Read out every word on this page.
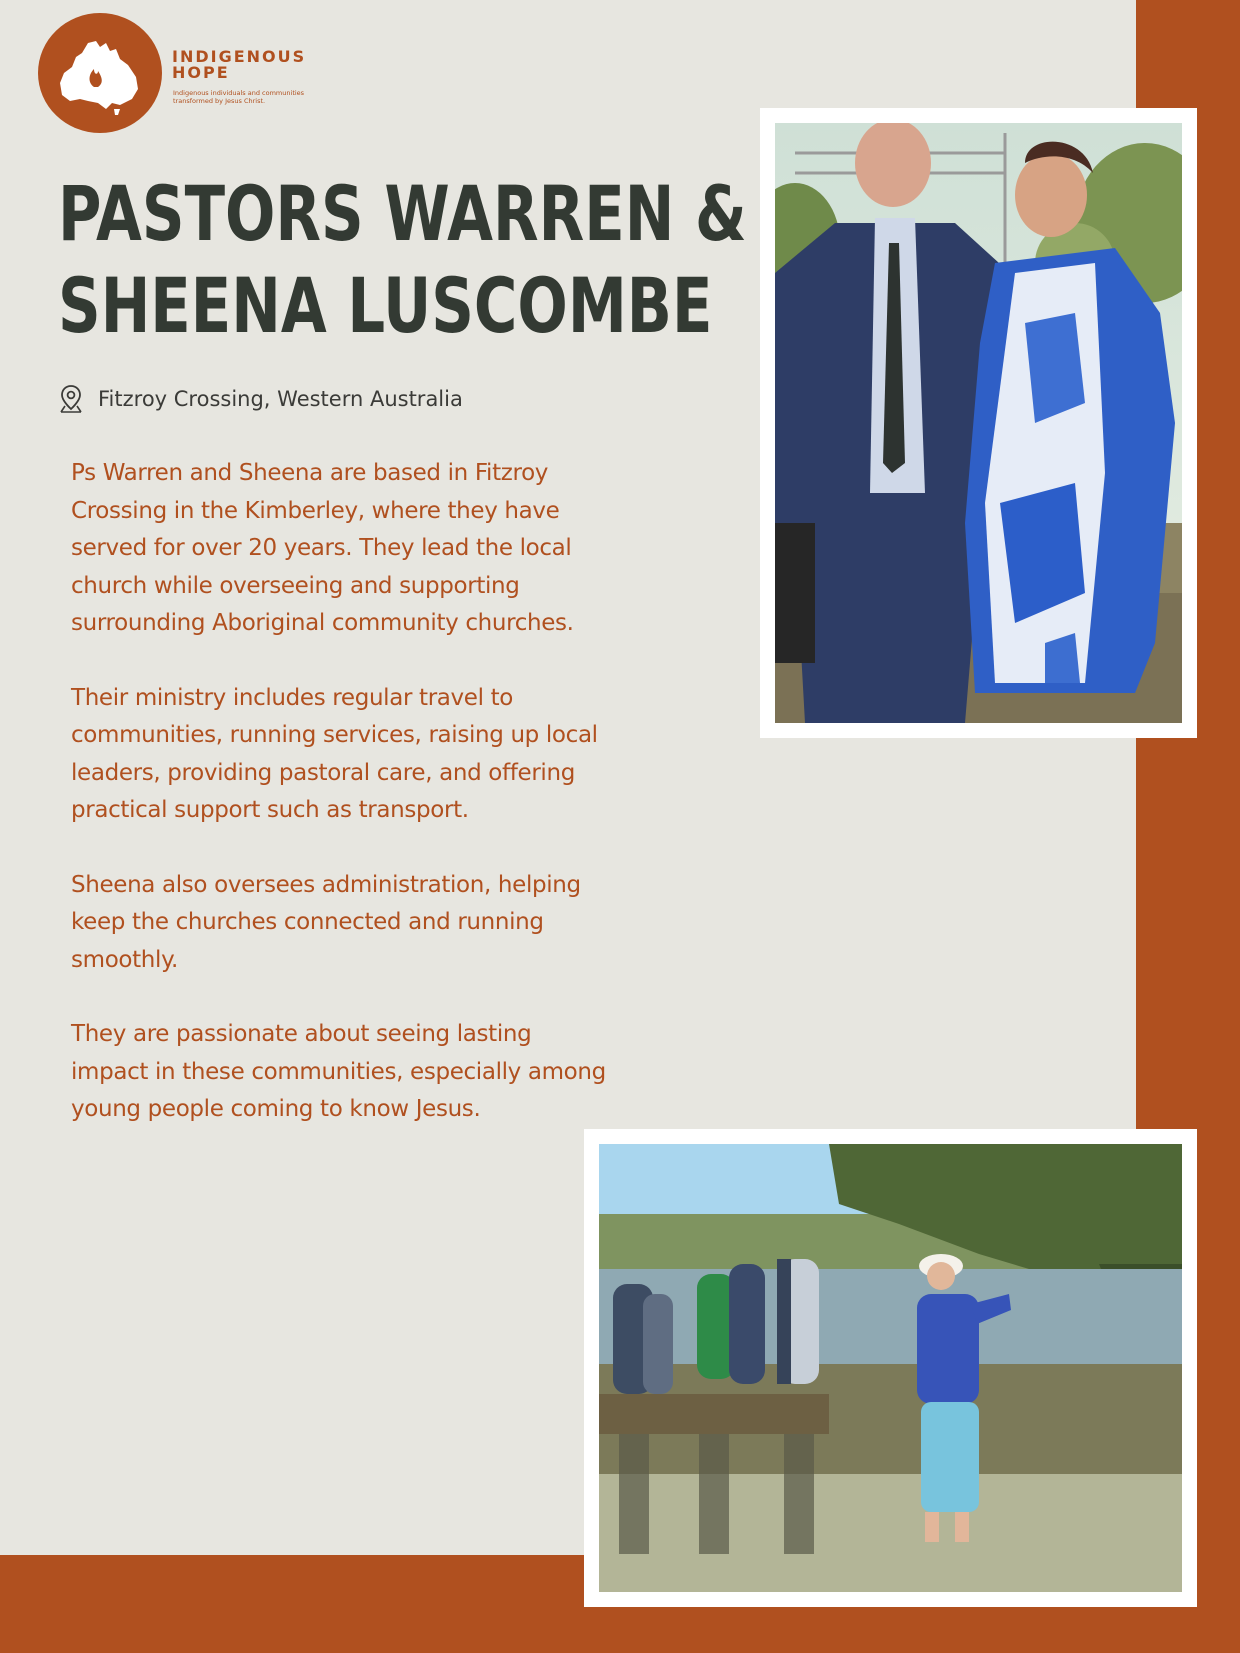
INDIGENOUS
HOPE
Indigenous individuals and communities transformed by Jesus Christ.
PASTORS WARREN &
SHEENA LUSCOMBE
Fitzroy Crossing, Western Australia

Ps Warren and Sheena are based in Fitzroy
Crossing in the Kimberley, where they have
served for over 20 years. They lead the local
church while overseeing and supporting
surrounding Aboriginal community churches.

Their ministry includes regular travel to
communities, running services, raising up local
leaders, providing pastoral care, and offering
practical support such as transport.

Sheena also oversees administration, helping
keep the churches connected and running
smoothly.

They are passionate about seeing lasting
impact in these communities, especially among
young people coming to know Jesus.
